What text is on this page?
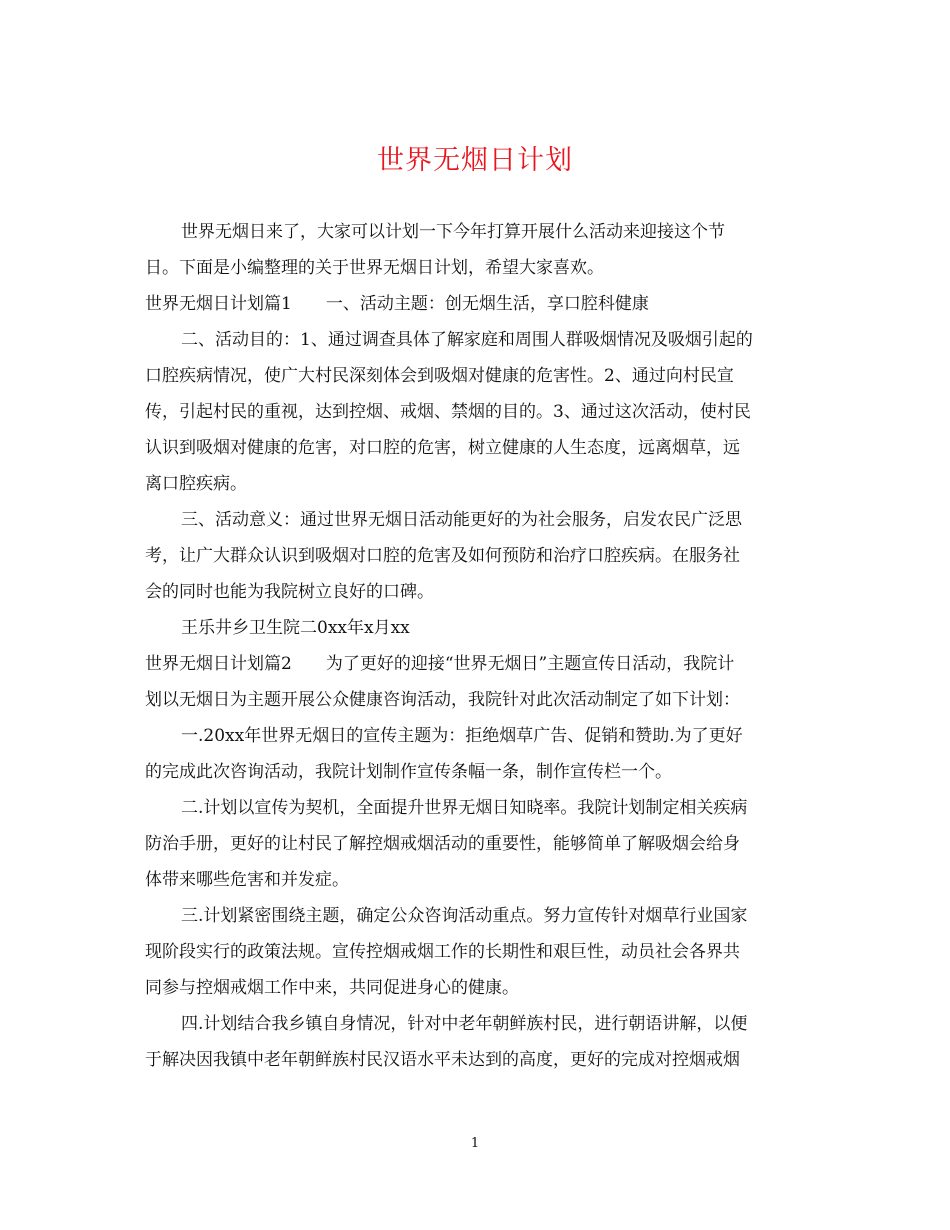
世界无烟日计划
世界无烟日来了，大家可以计划一下今年打算开展什么活动来迎接这个节
日。下面是小编整理的关于世界无烟日计划，希望大家喜欢。
世界无烟日计划篇1　　一、活动主题：创无烟生活，享口腔科健康
二、活动目的：1、通过调查具体了解家庭和周围人群吸烟情况及吸烟引起的
口腔疾病情况，使广大村民深刻体会到吸烟对健康的危害性。2、通过向村民宣
传，引起村民的重视，达到控烟、戒烟、禁烟的目的。3、通过这次活动，使村民
认识到吸烟对健康的危害，对口腔的危害，树立健康的人生态度，远离烟草，远
离口腔疾病。
三、活动意义：通过世界无烟日活动能更好的为社会服务，启发农民广泛思
考，让广大群众认识到吸烟对口腔的危害及如何预防和治疗口腔疾病。在服务社
会的同时也能为我院树立良好的口碑。
王乐井乡卫生院二0xx年x月xx
世界无烟日计划篇2　　为了更好的迎接“世界无烟日”主题宣传日活动，我院计
划以无烟日为主题开展公众健康咨询活动，我院针对此次活动制定了如下计划：
一.20xx年世界无烟日的宣传主题为：拒绝烟草广告、促销和赞助.为了更好
的完成此次咨询活动，我院计划制作宣传条幅一条，制作宣传栏一个。
二.计划以宣传为契机，全面提升世界无烟日知晓率。我院计划制定相关疾病
防治手册，更好的让村民了解控烟戒烟活动的重要性，能够简单了解吸烟会给身
体带来哪些危害和并发症。
三.计划紧密围绕主题，确定公众咨询活动重点。努力宣传针对烟草行业国家
现阶段实行的政策法规。宣传控烟戒烟工作的长期性和艰巨性，动员社会各界共
同参与控烟戒烟工作中来，共同促进身心的健康。
四.计划结合我乡镇自身情况，针对中老年朝鲜族村民，进行朝语讲解，以便
于解决因我镇中老年朝鲜族村民汉语水平未达到的高度，更好的完成对控烟戒烟
1
